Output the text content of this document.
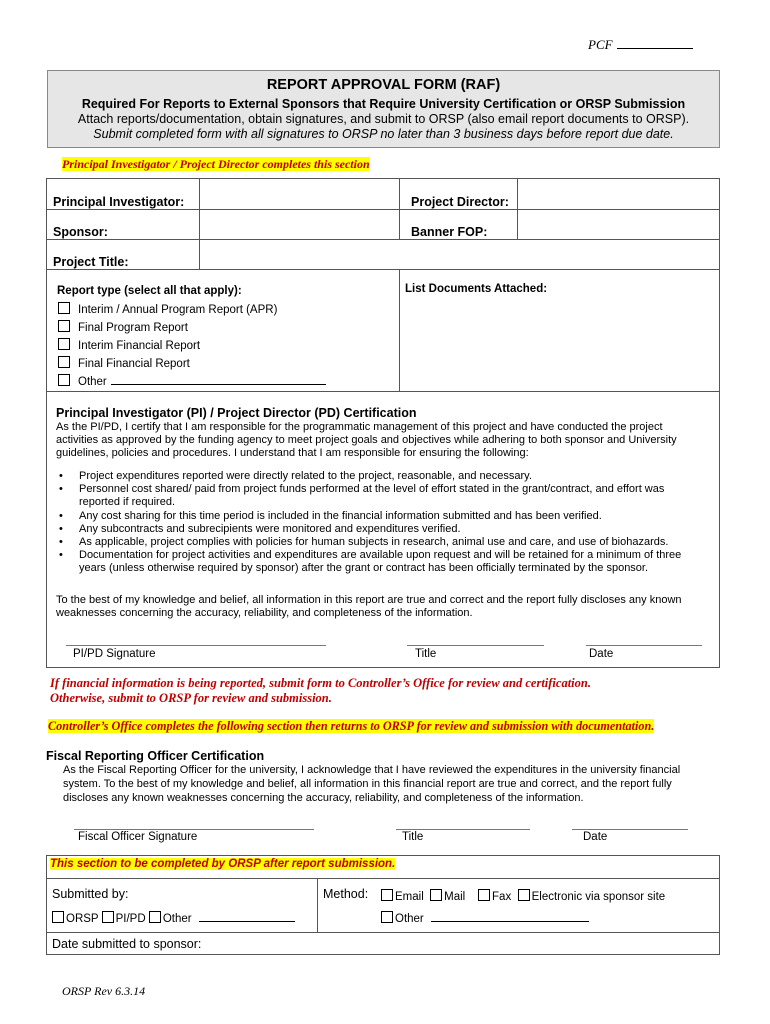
PCF
REPORT APPROVAL FORM (RAF)
Required For Reports to External Sponsors that Require University Certification or ORSP Submission
Attach reports/documentation, obtain signatures, and submit to ORSP (also email report documents to ORSP).
Submit completed form with all signatures to ORSP no later than 3 business days before report due date.
Principal Investigator / Project Director completes this section
Principal Investigator:	Project Director:
Sponsor:	Banner FOP:
Project Title:
Report type (select all that apply):	List Documents Attached:
Interim / Annual Program Report (APR)
Final Program Report
Interim Financial Report
Final Financial Report
Other
Principal Investigator (PI) / Project Director (PD) Certification
As the PI/PD, I certify that I am responsible for the programmatic management of this project and have conducted the project activities as approved by the funding agency to meet project goals and objectives while adhering to both sponsor and University guidelines, policies and procedures. I understand that I am responsible for ensuring the following:
• Project expenditures reported were directly related to the project, reasonable, and necessary.
• Personnel cost shared/ paid from project funds performed at the level of effort stated in the grant/contract, and effort was reported if required.
• Any cost sharing for this time period is included in the financial information submitted and has been verified.
• Any subcontracts and subrecipients were monitored and expenditures verified.
• As applicable, project complies with policies for human subjects in research, animal use and care, and use of biohazards.
• Documentation for project activities and expenditures are available upon request and will be retained for a minimum of three years (unless otherwise required by sponsor) after the grant or contract has been officially terminated by the sponsor.
To the best of my knowledge and belief, all information in this report are true and correct and the report fully discloses any known weaknesses concerning the accuracy, reliability, and completeness of the information.
PI/PD Signature	Title	Date
If financial information is being reported, submit form to Controller’s Office for review and certification.
Otherwise, submit to ORSP for review and submission.
Controller’s Office completes the following section then returns to ORSP for review and submission with documentation.
Fiscal Reporting Officer Certification
As the Fiscal Reporting Officer for the university, I acknowledge that I have reviewed the expenditures in the university financial system. To the best of my knowledge and belief, all information in this financial report are true and correct, and the report fully discloses any known weaknesses concerning the accuracy, reliability, and completeness of the information.
Fiscal Officer Signature	Title	Date
This section to be completed by ORSP after report submission.
Submitted by:
ORSP PI/PD Other
Method:	Email Mail Fax Electronic via sponsor site
Other
Date submitted to sponsor:
ORSP Rev 6.3.14
